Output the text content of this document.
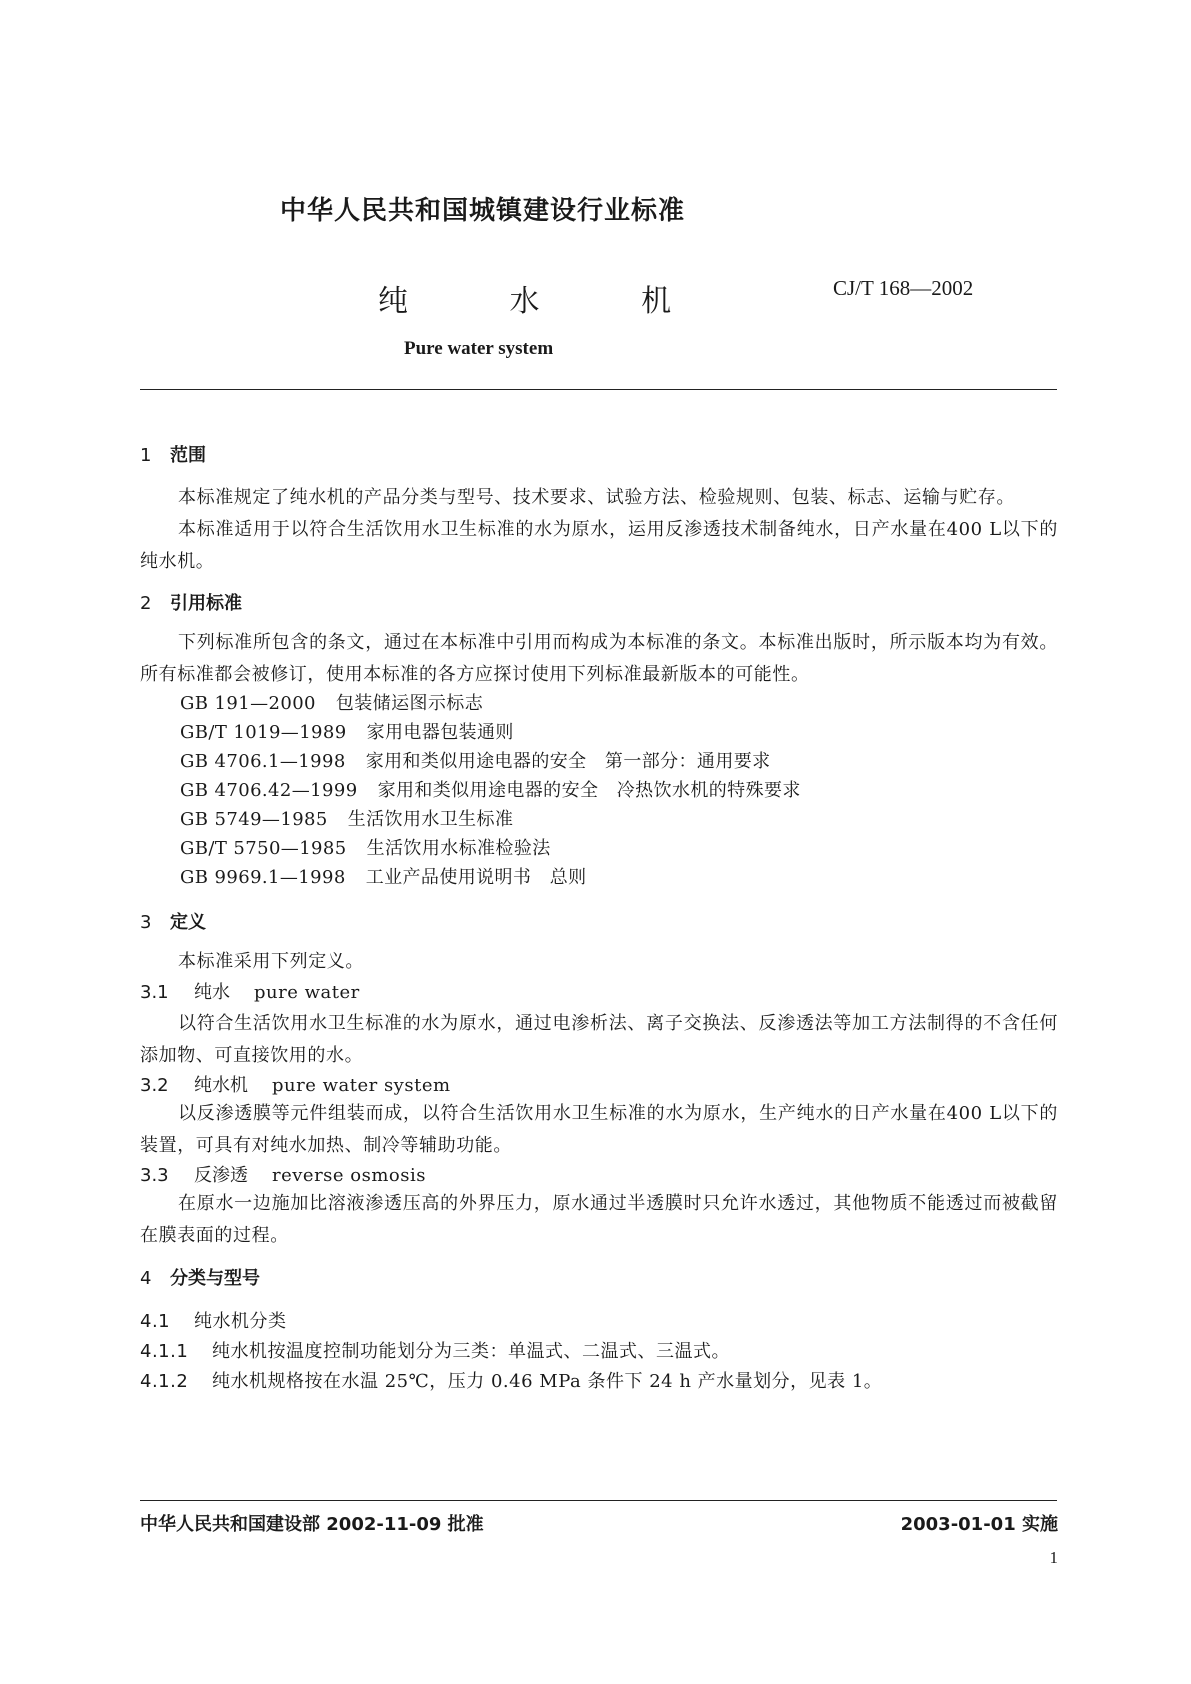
中华人民共和国城镇建设行业标准
纯 水 机	CJ/T 168—2002
Pure water system
1 范围

本标准规定了纯水机的产品分类与型号、技术要求、试验方法、检验规则、包装、标志、运输与贮存。

本标准适用于以符合生活饮用水卫生标准的水为原水，运用反渗透技术制备纯水，日产水量在400 L以下的纯水机。

2 引用标准

下列标准所包含的条文，通过在本标准中引用而构成为本标准的条文。本标准出版时，所示版本均为有效。所有标准都会被修订，使用本标准的各方应探讨使用下列标准最新版本的可能性。

GB 191—2000 包装储运图示标志
GB/T 1019—1989 家用电器包装通则
GB 4706.1—1998 家用和类似用途电器的安全　第一部分：通用要求
GB 4706.42—1999 家用和类似用途电器的安全　冷热饮水机的特殊要求
GB 5749—1985 生活饮用水卫生标准
GB/T 5750—1985 生活饮用水标准检验法
GB 9969.1—1998 工业产品使用说明书　总则
3 定义

本标准采用下列定义。

3.1 纯水 pure water

以符合生活饮用水卫生标准的水为原水，通过电渗析法、离子交换法、反渗透法等加工方法制得的不含任何添加物、可直接饮用的水。

3.2 纯水机 pure water system

以反渗透膜等元件组装而成，以符合生活饮用水卫生标准的水为原水，生产纯水的日产水量在400 L以下的装置，可具有对纯水加热、制冷等辅助功能。

3.3 反渗透 reverse osmosis

在原水一边施加比溶液渗透压高的外界压力，原水通过半透膜时只允许水透过，其他物质不能透过而被截留在膜表面的过程。

4 分类与型号
4.1 纯水机分类
4.1.1 纯水机按温度控制功能划分为三类：单温式、二温式、三温式。
4.1.2 纯水机规格按在水温 25℃，压力 0.46 MPa 条件下 24 h 产水量划分，见表 1。
中华人民共和国建设部 2002-11-09 批准	2003-01-01 实施
1
